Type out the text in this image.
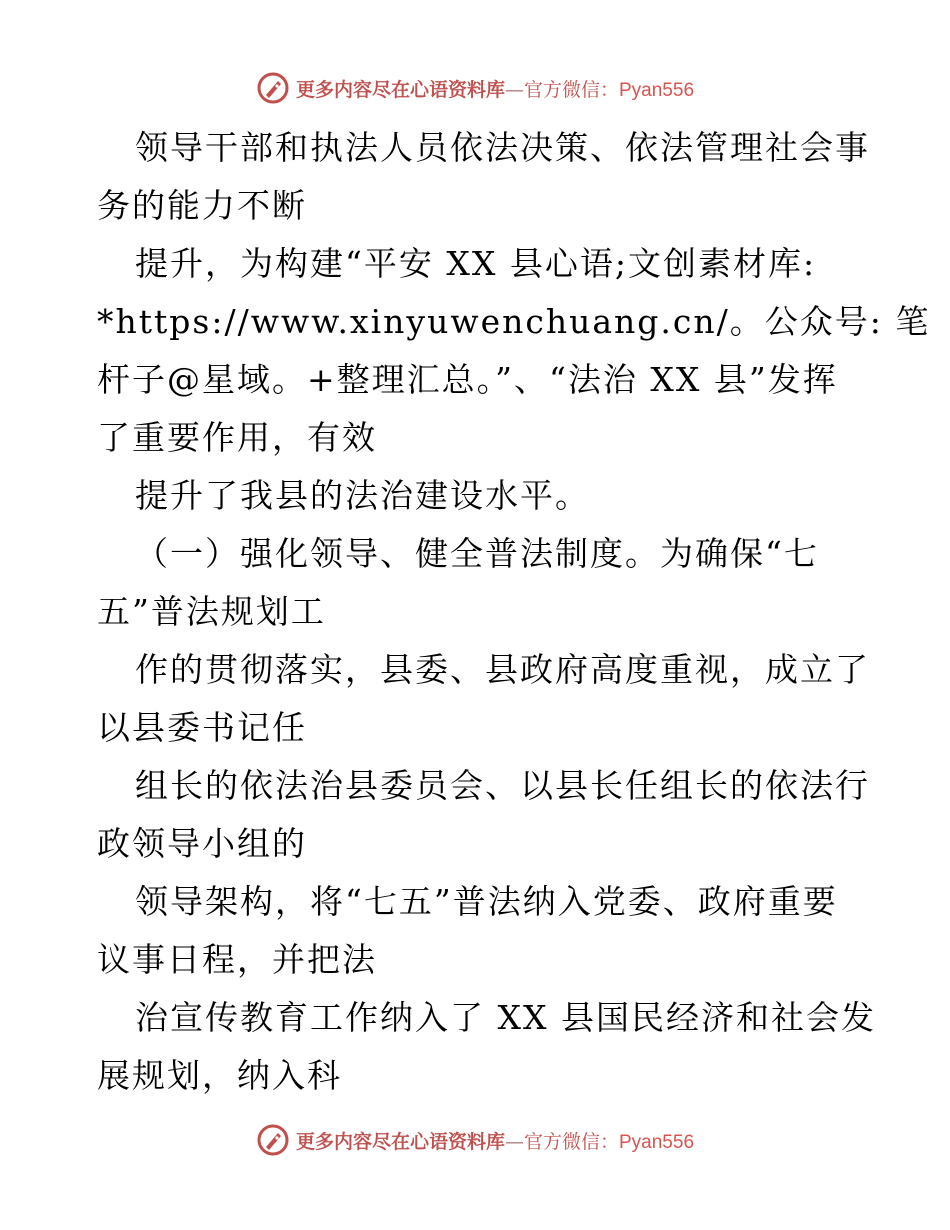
更多内容尽在心语资料库—官方微信：Pyan556
领导干部和执法人员依法决策、依法管理社会事
务的能力不断
提升，为构建“平安 XX 县心语;文创素材库:
*https://www.xinyuwenchuang.cn/。公众号: 笔
杆子@星域。+整理汇总。”、“法治 XX 县”发挥
了重要作用，有效
提升了我县的法治建设水平。
（一）强化领导、健全普法制度。为确保“七
五”普法规划工
作的贯彻落实，县委、县政府高度重视，成立了
以县委书记任
组长的依法治县委员会、以县长任组长的依法行
政领导小组的
领导架构，将“七五”普法纳入党委、政府重要
议事日程，并把法
治宣传教育工作纳入了 XX 县国民经济和社会发
展规划，纳入科
更多内容尽在心语资料库—官方微信：Pyan556
